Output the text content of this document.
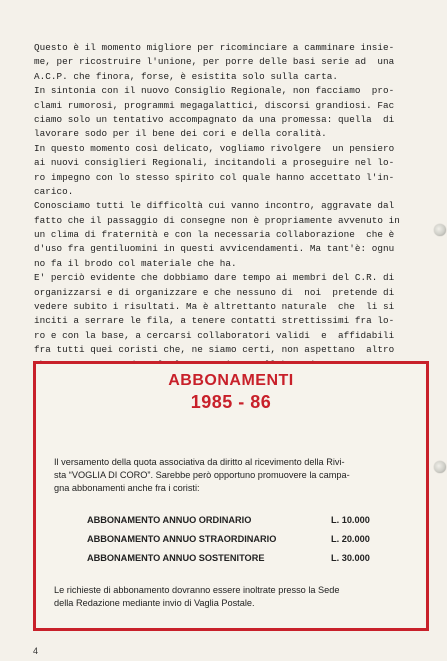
Questo è il momento migliore per ricominciare a camminare insie-
me, per ricostruire l'unione, per porre delle basi serie ad  una
A.C.P. che finora, forse, è esistita solo sulla carta.
In sintonia con il nuovo Consiglio Regionale, non facciamo  pro-
clami rumorosi, programmi megagalattici, discorsi grandiosi. Fac
ciamo solo un tentativo accompagnato da una promessa: quella  di
lavorare sodo per il bene dei cori e della coralità.
In questo momento così delicato, vogliamo rivolgere  un pensiero
ai nuovi consiglieri Regionali, incitandoli a proseguire nel lo-
ro impegno con lo stesso spirito col quale hanno accettato l'in-
carico.
Conosciamo tutti le difficoltà cui vanno incontro, aggravate dal
fatto che il passaggio di consegne non è propriamente avvenuto in
un clima di fraternità e con la necessaria collaborazione  che è
d'uso fra gentiluomini in questi avvicendamenti. Ma tant'è: ognu
no fa il brodo col materiale che ha.
E' perciò evidente che dobbiamo dare tempo ai membri del C.R. di
organizzarsi e di organizzare e che nessuno di  noi  pretende di
vedere subito i risultati. Ma è altrettanto naturale  che  li si
inciti a serrare le fila, a tenere contatti strettissimi fra lo-
ro e con la base, a cercarsi collaboratori validi  e  affidabili
fra tutti quei coristi che, ne siamo certi, non aspettano  altro
ABBONAMENTI
1985 - 86
Il versamento della quota associativa da diritto al ricevimento della Rivi-
sta “VOGLIA DI CORO”. Sarebbe però opportuno promuovere la campa-
gna abbonamenti anche fra i coristi:
ABBONAMENTO ANNUO ORDINARIO	L. 10.000
ABBONAMENTO ANNUO STRAORDINARIO	L. 20.000
ABBONAMENTO ANNUO SOSTENITORE	L. 30.000
Le richieste di abbonamento dovranno essere inoltrate presso la Sede
della Redazione mediante invio di Vaglia Postale.
4
